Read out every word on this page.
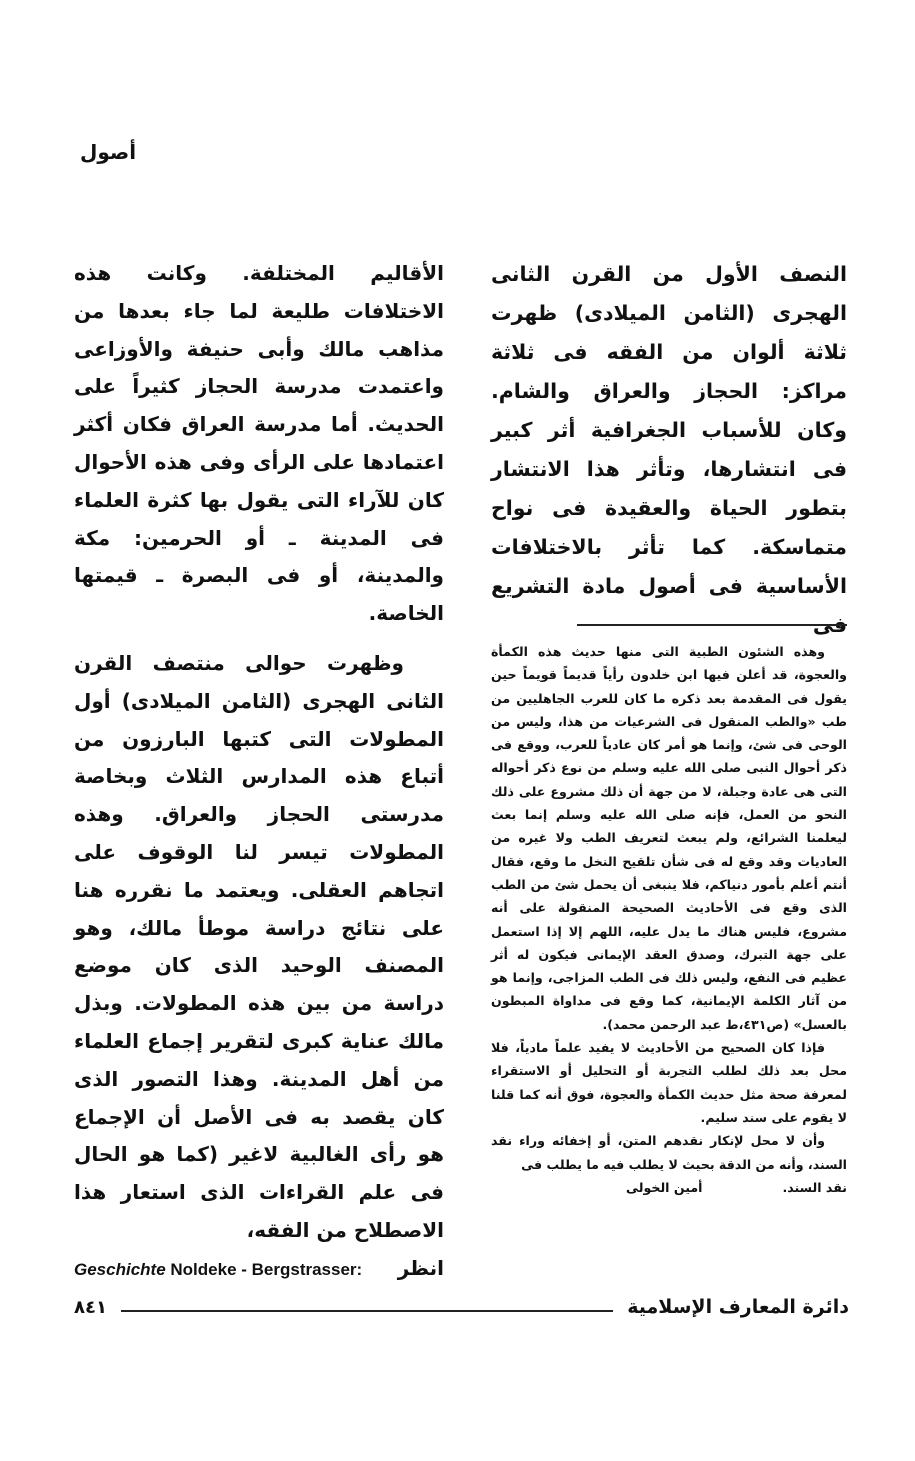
أصول
النصف الأول من القرن الثانى الهجرى (الثامن الميلادى) ظهرت ثلاثة ألوان من الفقه فى ثلاثة مراكز: الحجاز والعراق والشام. وكان للأسباب الجغرافية أثر كبير فى انتشارها، وتأثر هذا الانتشار بتطور الحياة والعقيدة فى نواح متماسكة. كما تأثر بالاختلافات الأساسية فى أصول مادة التشريع فى

الأقاليم المختلفة. وكانت هذه الاختلافات طليعة لما جاء بعدها من مذاهب مالك وأبى حنيفة والأوزاعى واعتمدت مدرسة الحجاز كثيراً على الحديث. أما مدرسة العراق فكان أكثر اعتمادها على الرأى وفى هذه الأحوال كان للآراء التى يقول بها كثرة العلماء فى المدينة ـ أو الحرمين: مكة والمدينة، أو فى البصرة ـ قيمتها الخاصة.

وظهرت حوالى منتصف القرن الثانى الهجرى (الثامن الميلادى) أول المطولات التى كتبها البارزون من أتباع هذه المدارس الثلاث وبخاصة مدرستى الحجاز والعراق. وهذه المطولات تيسر لنا الوقوف على اتجاهم العقلى. ويعتمد ما نقرره هنا على نتائج دراسة موطأ مالك، وهو المصنف الوحيد الذى كان موضع دراسة من بين هذه المطولات. وبذل مالك عناية كبرى لتقرير إجماع العلماء من أهل المدينة. وهذا التصور الذى كان يقصد به فى الأصل أن الإجماع هو رأى الغالبية لاغير (كما هو الحال فى علم القراءات الذى استعار هذا الاصطلاح من الفقه،

Geschichte Noldeke - Bergstrasser: انظر

وهذه الشئون الطبية التى منها حديث هذه الكمأة والعجوة، قد أعلن فيها ابن خلدون رأياً قديماً قويماً حين يقول فى المقدمة بعد ذكره ما كان للعرب الجاهليين من طب «والطب المنقول فى الشرعيات من هذا، وليس من الوحى فى شئ، وإنما هو أمر كان عادياً للعرب، ووقع فى ذكر أحوال النبى صلى الله عليه وسلم من نوع ذكر أحواله التى هى عادة وجبلة، لا من جهة أن ذلك مشروع على ذلك النحو من العمل، فإنه صلى الله عليه وسلم إنما بعث ليعلمنا الشرائع، ولم يبعث لتعريف الطب ولا غيره من العاديات وقد وقع له فى شأن تلقيح النخل ما وقع، فقال أنتم أعلم بأمور دنياكم، فلا ينبغى أن يحمل شئ من الطب الذى وقع فى الأحاديث الصحيحة المنقولة على أنه مشروع، فليس هناك ما يدل عليه، اللهم إلا إذا استعمل على جهة التبرك، وصدق العقد الإيمانى فيكون له أثر عظيم فى النفع، وليس ذلك فى الطب المزاجى، وإنما هو من آثار الكلمة الإيمانية، كما وقع فى مداواة المبطون بالعسل» (ص٤٣١،ط عبد الرحمن محمد).

فإذا كان الصحيح من الأحاديث لا يفيد علماً مادياً، فلا محل بعد ذلك لطلب التجربة أو التحليل أو الاستقراء لمعرفة صحة مثل حديث الكمأة والعجوة، فوق أنه كما قلنا لا يقوم على سند سليم.

وأن لا محل لإنكار نقدهم المتن، أو إخفائه وراء نقد السند، وأنه من الدقة بحيث لا يطلب فيه ما يطلب فى

نقد السند.
أمين الخولى
دائرة المعارف الإسلامية
٨٤١
